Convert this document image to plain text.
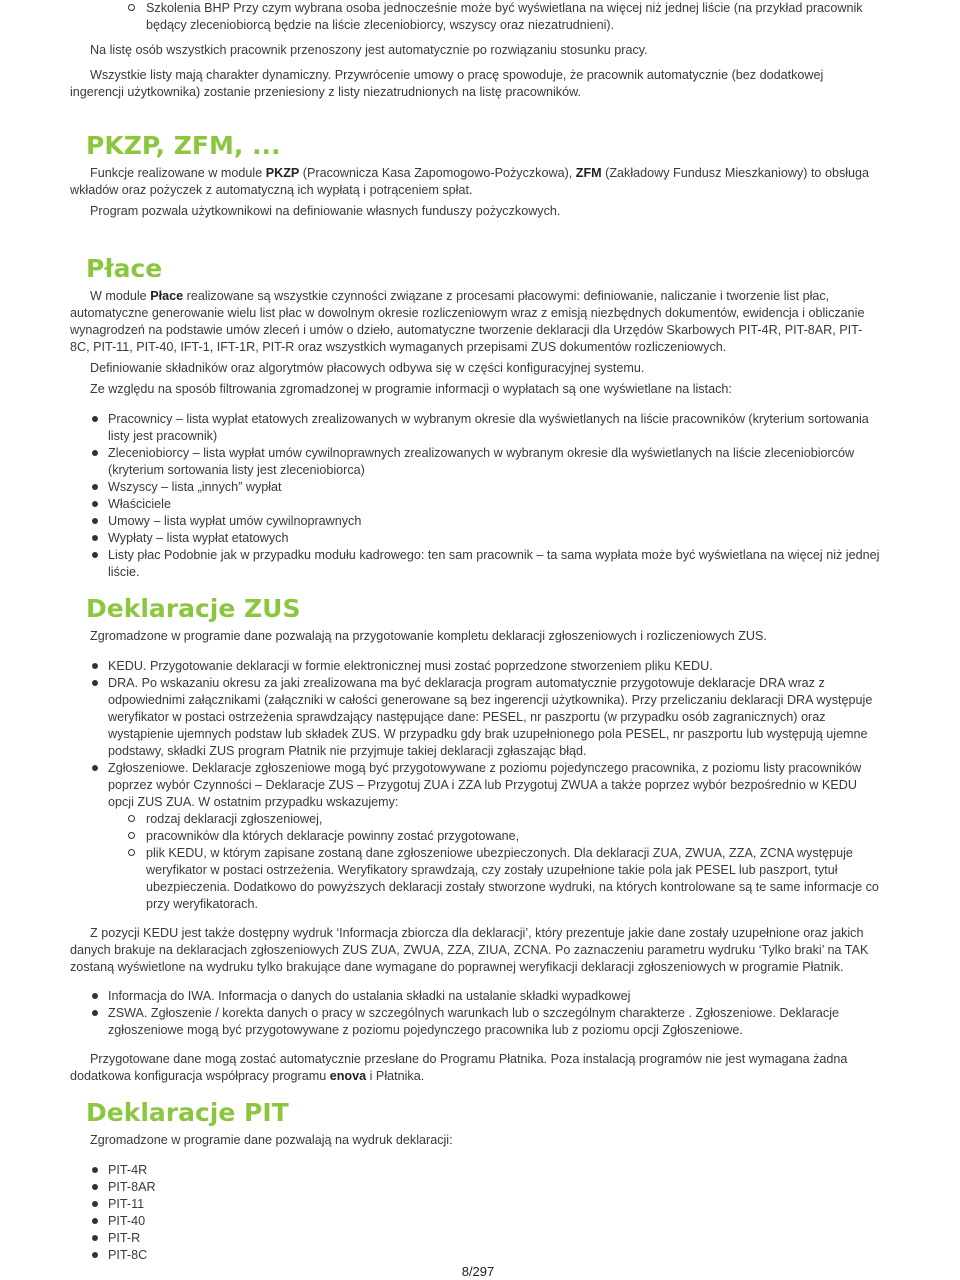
Szkolenia BHP Przy czym wybrana osoba jednocześnie może być wyświetlana na więcej niż jednej liście (na przykład pracownik będący zleceniobiorcą będzie na liście zleceniobiorcy, wszyscy oraz niezatrudnieni).

Na listę osób wszystkich pracownik przenoszony jest automatycznie po rozwiązaniu stosunku pracy.

Wszystkie listy mają charakter dynamiczny. Przywrócenie umowy o pracę spowoduje, że pracownik automatycznie (bez dodatkowej ingerencji użytkownika) zostanie przeniesiony z listy niezatrudnionych na listę pracowników.

PKZP, ZFM, ...

Funkcje realizowane w module PKZP (Pracownicza Kasa Zapomogowo-Pożyczkowa), ZFM (Zakładowy Fundusz Mieszkaniowy) to obsługa wkładów oraz pożyczek z automatyczną ich wypłatą i potrąceniem spłat.

Program pozwala użytkownikowi na definiowanie własnych funduszy pożyczkowych.

Płace

W module Płace realizowane są wszystkie czynności związane z procesami płacowymi: definiowanie, naliczanie i tworzenie list płac, automatyczne generowanie wielu list płac w dowolnym okresie rozliczeniowym wraz z emisją niezbędnych dokumentów, ewidencja i obliczanie wynagrodzeń na podstawie umów zleceń i umów o dzieło, automatyczne tworzenie deklaracji dla Urzędów Skarbowych PIT-4R, PIT-8AR, PIT-8C, PIT-11, PIT-40, IFT-1, IFT-1R, PIT-R oraz wszystkich wymaganych przepisami ZUS dokumentów rozliczeniowych.

Definiowanie składników oraz algorytmów płacowych odbywa się w części konfiguracyjnej systemu.

Ze względu na sposób filtrowania zgromadzonej w programie informacji o wypłatach są one wyświetlane na listach:

Pracownicy – lista wypłat etatowych zrealizowanych w wybranym okresie dla wyświetlanych na liście pracowników (kryterium sortowania listy jest pracownik)

Zleceniobiorcy – lista wypłat umów cywilnoprawnych zrealizowanych w wybranym okresie dla wyświetlanych na liście zleceniobiorców (kryterium sortowania listy jest zleceniobiorca)

Wszyscy – lista „innych” wypłat

Właściciele

Umowy – lista wypłat umów cywilnoprawnych

Wypłaty – lista wypłat etatowych

Listy płac Podobnie jak w przypadku modułu kadrowego: ten sam pracownik – ta sama wypłata może być wyświetlana na więcej niż jednej liście.

Deklaracje ZUS

Zgromadzone w programie dane pozwalają na przygotowanie kompletu deklaracji zgłoszeniowych i rozliczeniowych ZUS.

KEDU. Przygotowanie deklaracji w formie elektronicznej musi zostać poprzedzone stworzeniem pliku KEDU.

DRA. Po wskazaniu okresu za jaki zrealizowana ma być deklaracja program automatycznie przygotowuje deklaracje DRA wraz z odpowiednimi załącznikami (załączniki w całości generowane są bez ingerencji użytkownika). Przy przeliczaniu deklaracji DRA występuje weryfikator w postaci ostrzeżenia sprawdzający następujące dane: PESEL, nr paszportu (w przypadku osób zagranicznych) oraz wystąpienie ujemnych podstaw lub składek ZUS. W przypadku gdy brak uzupełnionego pola PESEL, nr paszportu lub występują ujemne podstawy, składki ZUS program Płatnik nie przyjmuje takiej deklaracji zgłaszając błąd.

Zgłoszeniowe. Deklaracje zgłoszeniowe mogą być przygotowywane z poziomu pojedynczego pracownika, z poziomu listy pracowników poprzez wybór Czynności – Deklaracje ZUS – Przygotuj ZUA i ZZA lub Przygotuj ZWUA a także poprzez wybór bezpośrednio w KEDU opcji ZUS ZUA. W ostatnim przypadku wskazujemy:

rodzaj deklaracji zgłoszeniowej,

pracowników dla których deklaracje powinny zostać przygotowane,

plik KEDU, w którym zapisane zostaną dane zgłoszeniowe ubezpieczonych. Dla deklaracji ZUA, ZWUA, ZZA, ZCNA występuje weryfikator w postaci ostrzeżenia. Weryfikatory sprawdzają, czy zostały uzupełnione takie pola jak PESEL lub paszport, tytuł ubezpieczenia. Dodatkowo do powyższych deklaracji zostały stworzone wydruki, na których kontrolowane są te same informacje co przy weryfikatorach.

Z pozycji KEDU jest także dostępny wydruk ‘Informacja zbiorcza dla deklaracji’, który prezentuje jakie dane zostały uzupełnione oraz jakich danych brakuje na deklaracjach zgłoszeniowych ZUS ZUA, ZWUA, ZZA, ZIUA, ZCNA. Po zaznaczeniu parametru wydruku ‘Tylko braki’ na TAK zostaną wyświetlone na wydruku tylko brakujące dane wymagane do poprawnej weryfikacji deklaracji zgłoszeniowych w programie Płatnik.

Informacja do IWA. Informacja o danych do ustalania składki na ustalanie składki wypadkowej

ZSWA. Zgłoszenie / korekta danych o pracy w szczególnych warunkach lub o szczególnym charakterze . Zgłoszeniowe. Deklaracje zgłoszeniowe mogą być przygotowywane z poziomu pojedynczego pracownika lub z poziomu opcji Zgłoszeniowe.

Przygotowane dane mogą zostać automatycznie przesłane do Programu Płatnika. Poza instalacją programów nie jest wymagana żadna dodatkowa konfiguracja współpracy programu enova i Płatnika.

Deklaracje PIT

Zgromadzone w programie dane pozwalają na wydruk deklaracji:

PIT-4R

PIT-8AR

PIT-11

PIT-40

PIT-R

PIT-8C

8/297
